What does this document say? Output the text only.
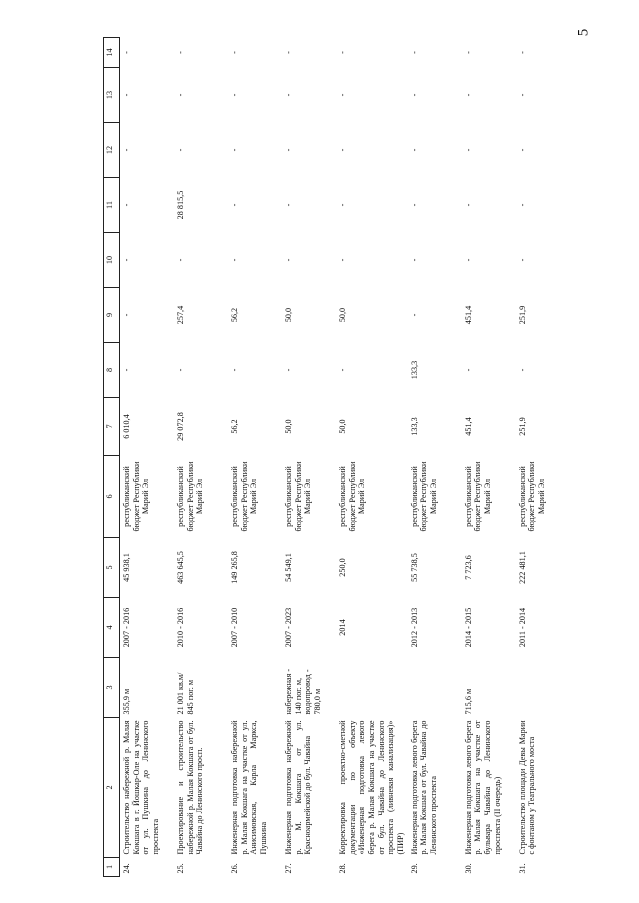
5
1	2	3	4	5	6	7	8	9	10	11	12	13	14
24.	Строительство набережной р. Малая Кокшага в г. Йошкар-Оле на участке от ул. Пушкина до Ленинского проспекта	355,9 м	2007 - 2016	45 938,1	республиканский бюджет Республики Марий Эл	6 010,4	-	-	-	-	-	-	-
25.	Проектирование и строительство набережной р. Малая Кокшага от бул. Чавайна до Ленинского просп.	21 001 кв.м/ 845 пог. м	2010 - 2016	463 645,5	республиканский бюджет Республики Марий Эл	29 072,8	-	257,4	-	28 815,5	-	-	-
26.	Инженерная подготовка набережной р. Малая Кокшага на участке от ул. Анисимовская, Карла Маркса, Пушкина		2007 - 2010	149 265,8	республиканский бюджет Республики Марий Эл	56,2	-	56,2	-	-	-	-	-
27.	Инженерная подготовка набережной р. М. Кокшага от ул. Красноармейской до бул. Чавайна	набережная - 140 пог. м, водопровод - 780,0 м	2007 - 2023	54 549,1	республиканский бюджет Республики Марий Эл	50,0	-	50,0	-	-	-	-	-
28.	Корректировка проектно-сметной документации по объекту «Инженерная подготовка левого берега р. Малая Кокшага на участке от бул. Чавайна до Ленинского проспекта (ливневая канализация)» (ПИР)		2014	250,0	республиканский бюджет Республики Марий Эл	50,0	-	50,0	-	-	-	-	-
29.	Инженерная подготовка левого берега р. Малая Кокшага от бул. Чавайна до Ленинского проспекта		2012 - 2013	55 738,5	республиканский бюджет Республики Марий Эл	133,3	133,3	-	-	-	-	-	-
30.	Инженерная подготовка левого берега р. Малая Кокшага на участке от бульвара Чавайна до Ленинского проспекта (II очередь)	715,6 м	2014 - 2015	7 723,6	республиканский бюджет Республики Марий Эл	451,4	-	451,4	-	-	-	-	-
31.	Строительство площади Девы Марии с фонтаном у Театрального моста		2011 - 2014	222 481,1	республиканский бюджет Республики Марий Эл	251,9	-	251,9	-	-	-	-	-
